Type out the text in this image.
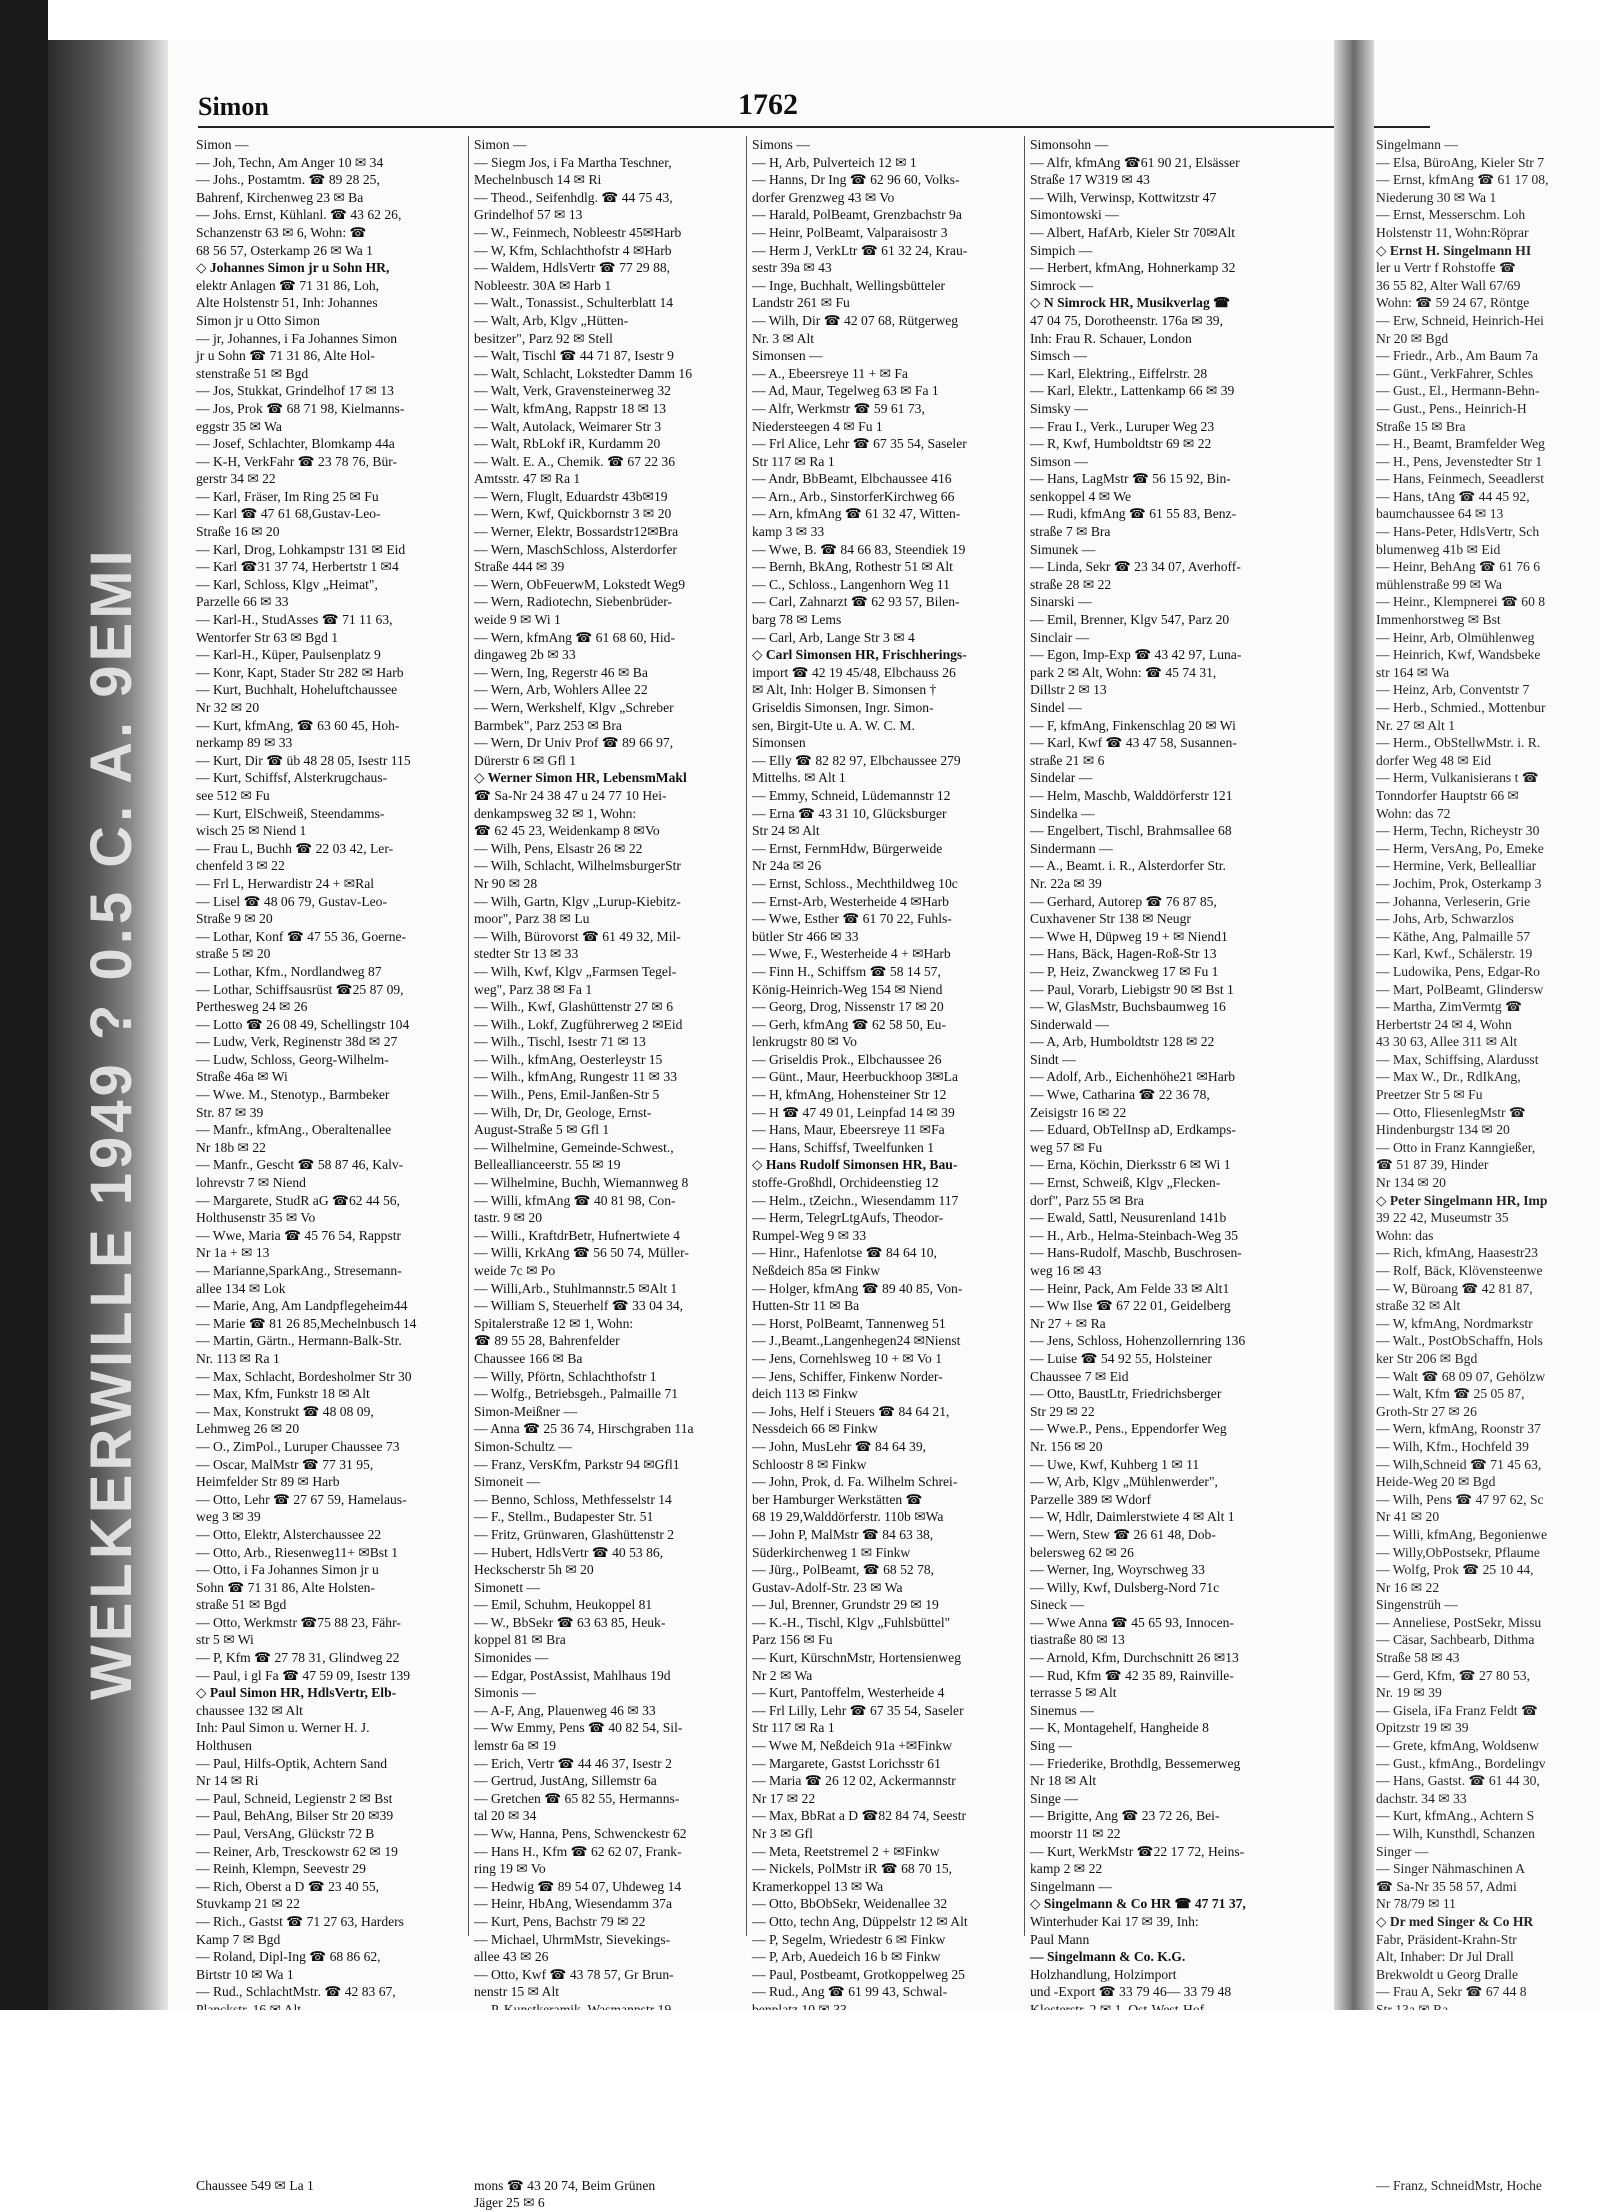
WELKERWILLE 1949 ? 0.5 C. A. 9EMI
Simon	1762

Simon —

— Joh, Techn, Am Anger 10 ✉ 34

— Johs., Postamtm. ☎ 89 28 25,

Bahrenf, Kirchenweg 23 ✉ Ba

— Johs. Ernst, Kühlanl. ☎ 43 62 26,

Schanzenstr 63 ✉ 6, Wohn: ☎

68 56 57, Osterkamp 26 ✉ Wa 1

◇ Johannes Simon jr u Sohn HR,

elektr Anlagen ☎ 71 31 86, Loh,

Alte Holstenstr 51, Inh: Johannes

Simon jr u Otto Simon

— jr, Johannes, i Fa Johannes Simon

jr u Sohn ☎ 71 31 86, Alte Hol-

stenstraße 51 ✉ Bgd

— Jos, Stukkat, Grindelhof 17 ✉ 13

— Jos, Prok ☎ 68 71 98, Kielmanns-

eggstr 35 ✉ Wa

— Josef, Schlachter, Blomkamp 44a

— K-H, VerkFahr ☎ 23 78 76, Bür-

gerstr 34 ✉ 22

— Karl, Fräser, Im Ring 25 ✉ Fu

— Karl ☎ 47 61 68,Gustav-Leo-

Straße 16 ✉ 20

— Karl, Drog, Lohkampstr 131 ✉ Eid

— Karl ☎31 37 74, Herbertstr 1 ✉4

— Karl, Schloss, Klgv „Heimat",

Parzelle 66 ✉ 33

— Karl-H., StudAsses ☎ 71 11 63,

Wentorfer Str 63 ✉ Bgd 1

— Karl-H., Küper, Paulsenplatz 9

— Konr, Kapt, Stader Str 282 ✉ Harb

— Kurt, Buchhalt, Hoheluftchaussee

Nr 32 ✉ 20

— Kurt, kfmAng, ☎ 63 60 45, Hoh-

nerkamp 89 ✉ 33

— Kurt, Dir ☎ üb 48 28 05, Isestr 115

— Kurt, Schiffsf, Alsterkrugchaus-

see 512 ✉ Fu

— Kurt, ElSchweiß, Steendamms-

wisch 25 ✉ Niend 1

— Frau L, Buchh ☎ 22 03 42, Ler-

chenfeld 3 ✉ 22

— Frl L, Herwardistr 24 + ✉Ral

— Lisel ☎ 48 06 79, Gustav-Leo-

Straße 9 ✉ 20

— Lothar, Konf ☎ 47 55 36, Goerne-

straße 5 ✉ 20

— Lothar, Kfm., Nordlandweg 87

— Lothar, Schiffsausrüst ☎25 87 09,

Perthesweg 24 ✉ 26

— Lotto ☎ 26 08 49, Schellingstr 104

— Ludw, Verk, Reginenstr 38d ✉ 27

— Ludw, Schloss, Georg-Wilhelm-

Straße 46a ✉ Wi

— Wwe. M., Stenotyp., Barmbeker

Str. 87 ✉ 39

— Manfr., kfmAng., Oberaltenallee

Nr 18b ✉ 22

— Manfr., Gescht ☎ 58 87 46, Kalv-

lohrevstr 7 ✉ Niend

— Margarete, StudR aG ☎62 44 56,

Holthusenstr 35 ✉ Vo

— Wwe, Maria ☎ 45 76 54, Rappstr

Nr 1a + ✉ 13

— Marianne,SparkAng., Stresemann-

allee 134 ✉ Lok

— Marie, Ang, Am Landpflegeheim44

— Marie ☎ 81 26 85,Mechelnbusch 14

— Martin, Gärtn., Hermann-Balk-Str.

Nr. 113 ✉ Ra 1

— Max, Schlacht, Bordesholmer Str 30

— Max, Kfm, Funkstr 18 ✉ Alt

— Max, Konstrukt ☎ 48 08 09,

Lehmweg 26 ✉ 20

— O., ZimPol., Luruper Chaussee 73

— Oscar, MalMstr ☎ 77 31 95,

Heimfelder Str 89 ✉ Harb

— Otto, Lehr ☎ 27 67 59, Hamelaus-

weg 3 ✉ 39

— Otto, Elektr, Alsterchaussee 22

— Otto, Arb., Riesenweg11+ ✉Bst 1

— Otto, i Fa Johannes Simon jr u

Sohn ☎ 71 31 86, Alte Holsten-

straße 51 ✉ Bgd

— Otto, Werkmstr ☎75 88 23, Fähr-

str 5 ✉ Wi

— P, Kfm ☎ 27 78 31, Glindweg 22

— Paul, i gl Fa ☎ 47 59 09, Isestr 139

◇ Paul Simon HR, HdlsVertr, Elb-

chaussee 132 ✉ Alt

Inh: Paul Simon u. Werner H. J.

Holthusen

— Paul, Hilfs-Optik, Achtern Sand

Nr 14 ✉ Ri

— Paul, Schneid, Legienstr 2 ✉ Bst

— Paul, BehAng, Bilser Str 20 ✉39

— Paul, VersAng, Glückstr 72 B

— Reiner, Arb, Tresckowstr 62 ✉ 19

— Reinh, Klempn, Seevestr 29

— Rich, Oberst a D ☎ 23 40 55,

Stuvkamp 21 ✉ 22

— Rich., Gastst ☎ 71 27 63, Harders

Kamp 7 ✉ Bgd

— Roland, Dipl-Ing ☎ 68 86 62,

Birtstr 10 ✉ Wa 1

— Rud., SchlachtMstr. ☎ 42 83 67,

Chaussee 549 ✉ La 1

Simon —

— Siegm Jos, i Fa Martha Teschner,

Mechelnbusch 14 ✉ Ri

— Theod., Seifenhdlg. ☎ 44 75 43,

Grindelhof 57 ✉ 13

— W., Feinmech, Nobleestr 45✉Harb

— W, Kfm, Schlachthofstr 4 ✉Harb

— Waldem, HdlsVertr ☎ 77 29 88,

Nobleestr. 30A ✉ Harb 1

— Walt., Tonassist., Schulterblatt 14

— Walt, Arb, Klgv „Hütten-

besitzer", Parz 92 ✉ Stell

— Walt, Tischl ☎ 44 71 87, Isestr 9

— Walt, Schlacht, Lokstedter Damm 16

— Walt, Verk, Gravensteinerweg 32

— Walt, kfmAng, Rappstr 18 ✉ 13

— Walt, Autolack, Weimarer Str 3

— Walt, RbLokf iR, Kurdamm 20

— Walt. E. A., Chemik. ☎ 67 22 36

Amtsstr. 47 ✉ Ra 1

— Wern, Fluglt, Eduardstr 43b✉19

— Wern, Kwf, Quickbornstr 3 ✉ 20

— Werner, Elektr, Bossardstr12✉Bra

— Wern, MaschSchloss, Alsterdorfer

Straße 444 ✉ 39

— Wern, ObFeuerwM, Lokstedt Weg9

— Wern, Radiotechn, Siebenbrüder-

weide 9 ✉ Wi 1

— Wern, kfmAng ☎ 61 68 60, Hid-

dingaweg 2b ✉ 33

— Wern, Ing, Regerstr 46 ✉ Ba

— Wern, Arb, Wohlers Allee 22

— Wern, Werkshelf, Klgv „Schreber

Barmbek", Parz 253 ✉ Bra

— Wern, Dr Univ Prof ☎ 89 66 97,

Dürerstr 6 ✉ Gfl 1

◇ Werner Simon HR, LebensmMakl

☎ Sa-Nr 24 38 47 u 24 77 10 Hei-

denkampsweg 32 ✉ 1, Wohn:

☎ 62 45 23, Weidenkamp 8 ✉Vo

— Wilh, Pens, Elsastr 26 ✉ 22

— Wilh, Schlacht, WilhelmsburgerStr

Nr 90 ✉ 28

— Wilh, Gartn, Klgv „Lurup-Kiebitz-

moor", Parz 38 ✉ Lu

— Wilh, Bürovorst ☎ 61 49 32, Mil-

stedter Str 13 ✉ 33

— Wilh, Kwf, Klgv „Farmsen Tegel-

weg", Parz 38 ✉ Fa 1

— Wilh., Kwf, Glashüttenstr 27 ✉ 6

— Wilh., Lokf, Zugführerweg 2 ✉Eid

— Wilh., Tischl, Isestr 71 ✉ 13

— Wilh., kfmAng, Oesterleystr 15

— Wilh., kfmAng, Rungestr 11 ✉ 33

— Wilh., Pens, Emil-Janßen-Str 5

— Wilh, Dr, Dr, Geologe, Ernst-

August-Straße 5 ✉ Gfl 1

— Wilhelmine, Gemeinde-Schwest.,

Belleallianceerstr. 55 ✉ 19

— Wilhelmine, Buchh, Wiemannweg 8

— Willi, kfmAng ☎ 40 81 98, Con-

tastr. 9 ✉ 20

— Willi., KraftdrBetr, Hufnertwiete 4

— Willi, KrkAng ☎ 56 50 74, Müller-

weide 7c ✉ Po

— Willi,Arb., Stuhlmannstr.5 ✉Alt 1

— William S, Steuerhelf ☎ 33 04 34,

Spitalerstraße 12 ✉ 1, Wohn:

☎ 89 55 28, Bahrenfelder

Chaussee 166 ✉ Ba

— Willy, Pförtn, Schlachthofstr 1

— Wolfg., Betriebsgeh., Palmaille 71

Simon-Meißner —

— Anna ☎ 25 36 74, Hirschgraben 11a

Simon-Schultz —

— Franz, VersKfm, Parkstr 94 ✉Gfl1

Simoneit —

— Benno, Schloss, Methfesselstr 14

— F., Stellm., Budapester Str. 51

— Fritz, Grünwaren, Glashüttenstr 2

— Hubert, HdlsVertr ☎ 40 53 86,

Heckscherstr 5h ✉ 20

Simonett —

— Emil, Schuhm, Heukoppel 81

— W., BbSekr ☎ 63 63 85, Heuk-

koppel 81 ✉ Bra

Simonides —

— Edgar, PostAssist, Mahlhaus 19d

Simonis —

— A-F, Ang, Plauenweg 46 ✉ 33

— Ww Emmy, Pens ☎ 40 82 54, Sil-

lemstr 6a ✉ 19

— Erich, Vertr ☎ 44 46 37, Isestr 2

— Gertrud, JustAng, Sillemstr 6a

— Gretchen ☎ 65 82 55, Hermanns-

tal 20 ✉ 34

— Ww, Hanna, Pens, Schwenckestr 62

— Hans H., Kfm ☎ 62 62 07, Frank-

ring 19 ✉ Vo

— Hedwig ☎ 89 54 07, Uhdeweg 14

— Heinr, HbAng, Wiesendamm 37a

— Kurt, Pens, Bachstr 79 ✉ 22

— Michael, UhrmMstr, Sievekings-

allee 43 ✉ 26

— Otto, Kwf ☎ 43 78 57, Gr Brun-

nenstr 15 ✉ Alt

mons ☎ 43 20 74, Beim Grünen

Jäger 25 ✉ 6

Simons —

— H, Arb, Pulverteich 12 ✉ 1

— Hanns, Dr Ing ☎ 62 96 60, Volks-

dorfer Grenzweg 43 ✉ Vo

— Harald, PolBeamt, Grenzbachstr 9a

— Heinr, PolBeamt, Valparaisostr 3

— Herm J, VerkLtr ☎ 61 32 24, Krau-

sestr 39a ✉ 43

— Inge, Buchhalt, Wellingsbütteler

Landstr 261 ✉ Fu

— Wilh, Dir ☎ 42 07 68, Rütgerweg

Nr. 3 ✉ Alt

Simonsen —

— A., Ebeersreye 11 + ✉ Fa

— Ad, Maur, Tegelweg 63 ✉ Fa 1

— Alfr, Werkmstr ☎ 59 61 73,

Niedersteegen 4 ✉ Fu 1

— Frl Alice, Lehr ☎ 67 35 54, Saseler

Str 117 ✉ Ra 1

— Andr, BbBeamt, Elbchaussee 416

— Arn., Arb., SinstorferKirchweg 66

— Arn, kfmAng ☎ 61 32 47, Witten-

kamp 3 ✉ 33

— Wwe, B. ☎ 84 66 83, Steendiek 19

— Bernh, BkAng, Rothestr 51 ✉ Alt

— C., Schloss., Langenhorn Weg 11

— Carl, Zahnarzt ☎ 62 93 57, Bilen-

barg 78 ✉ Lems

— Carl, Arb, Lange Str 3 ✉ 4

◇ Carl Simonsen HR, Frischherings-

import ☎ 42 19 45/48, Elbchauss 26

✉ Alt, Inh: Holger B. Simonsen †

Griseldis Simonsen, Ingr. Simon-

sen, Birgit-Ute u. A. W. C. M.

Simonsen

— Elly ☎ 82 82 97, Elbchaussee 279

Mittelhs. ✉ Alt 1

— Emmy, Schneid, Lüdemannstr 12

— Erna ☎ 43 31 10, Glücksburger

Str 24 ✉ Alt

— Ernst, FernmHdw, Bürgerweide

Nr 24a ✉ 26

— Ernst, Schloss., Mechthildweg 10c

— Ernst-Arb, Westerheide 4 ✉Harb

— Wwe, Esther ☎ 61 70 22, Fuhls-

bütler Str 466 ✉ 33

— Wwe, F., Westerheide 4 + ✉Harb

— Finn H., Schiffsm ☎ 58 14 57,

König-Heinrich-Weg 154 ✉ Niend

— Georg, Drog, Nissenstr 17 ✉ 20

— Gerh, kfmAng ☎ 62 58 50, Eu-

lenkrugstr 80 ✉ Vo

— Griseldis Prok., Elbchaussee 26

— Günt., Maur, Heerbuckhoop 3✉La

— H, kfmAng, Hohensteiner Str 12

— H ☎ 47 49 01, Leinpfad 14 ✉ 39

— Hans, Maur, Ebeersreye 11 ✉Fa

— Hans, Schiffsf, Tweelfunken 1

◇ Hans Rudolf Simonsen HR, Bau-

stoffe-Großhdl, Orchideenstieg 12

— Helm., tZeichn., Wiesendamm 117

— Herm, TelegrLtgAufs, Theodor-

Rumpel-Weg 9 ✉ 33

— Hinr., Hafenlotse ☎ 84 64 10,

Neßdeich 85a ✉ Finkw

— Holger, kfmAng ☎ 89 40 85, Von-

Hutten-Str 11 ✉ Ba

— Horst, PolBeamt, Tannenweg 51

— J.,Beamt.,Langenhegen24 ✉Nienst

— Jens, Cornehlsweg 10 + ✉ Vo 1

— Jens, Schiffer, Finkenw Norder-

deich 113 ✉ Finkw

— Johs, Helf i Steuers ☎ 84 64 21,

Nessdeich 66 ✉ Finkw

— John, MusLehr ☎ 84 64 39,

Schloostr 8 ✉ Finkw

— John, Prok, d. Fa. Wilhelm Schrei-

ber Hamburger Werkstätten ☎

68 19 29,Walddörferstr. 110b ✉Wa

— John P, MalMstr ☎ 84 63 38,

Süderkirchenweg 1 ✉ Finkw

— Jürg., PolBeamt, ☎ 68 52 78,

Gustav-Adolf-Str. 23 ✉ Wa

— Jul, Brenner, Grundstr 29 ✉ 19

— K.-H., Tischl, Klgv „Fuhlsbüttel"

Parz 156 ✉ Fu

— Kurt, KürschnMstr, Hortensienweg

Nr 2 ✉ Wa

— Kurt, Pantoffelm, Westerheide 4

— Frl Lilly, Lehr ☎ 67 35 54, Saseler

Str 117 ✉ Ra 1

— Wwe M, Neßdeich 91a +✉Finkw

— Margarete, Gastst Lorichsstr 61

— Maria ☎ 26 12 02, Ackermannstr

Nr 17 ✉ 22

— Max, BbRat a D ☎82 84 74, Seestr

Nr 3 ✉ Gfl

— Meta, Reetstremel 2 + ✉Finkw

— Nickels, PolMstr iR ☎ 68 70 15,

Kramerkoppel 13 ✉ Wa

— Otto, BbObSekr, Weidenallee 32

— Otto, techn Ang, Düppelstr 12 ✉ Alt

— P, Segelm, Wriedestr 6 ✉ Finkw

— P, Arb, Auedeich 16 b ✉ Finkw

— Paul, Postbeamt, Grotkoppelweg 25

— Rud., Ang ☎ 61 99 43, Schwal-

Simonsohn —

— Alfr, kfmAng ☎61 90 21, Elsässer

Straße 17 W319 ✉ 43

— Wilh, Verwinsp, Kottwitzstr 47

Simontowski —

— Albert, HafArb, Kieler Str 70✉Alt

Simpich —

— Herbert, kfmAng, Hohnerkamp 32

Simrock —

◇ N Simrock HR, Musikverlag ☎

47 04 75, Dorotheenstr. 176a ✉ 39,

Inh: Frau R. Schauer, London

Simsch —

— Karl, Elektring., Eiffelrstr. 28

— Karl, Elektr., Lattenkamp 66 ✉ 39

Simsky —

— Frau I., Verk., Luruper Weg 23

— R, Kwf, Humboldtstr 69 ✉ 22

Simson —

— Hans, LagMstr ☎ 56 15 92, Bin-

senkoppel 4 ✉ We

— Rudi, kfmAng ☎ 61 55 83, Benz-

straße 7 ✉ Bra

Simunek —

— Linda, Sekr ☎ 23 34 07, Averhoff-

straße 28 ✉ 22

Sinarski —

— Emil, Brenner, Klgv 547, Parz 20

Sinclair —

— Egon, Imp-Exp ☎ 43 42 97, Luna-

park 2 ✉ Alt, Wohn: ☎ 45 74 31,

Dillstr 2 ✉ 13

Sindel —

— F, kfmAng, Finkenschlag 20 ✉ Wi

— Karl, Kwf ☎ 43 47 58, Susannen-

straße 21 ✉ 6

Sindelar —

— Helm, Maschb, Walddörferstr 121

Sindelka —

— Engelbert, Tischl, Brahmsallee 68

Sindermann —

— A., Beamt. i. R., Alsterdorfer Str.

Nr. 22a ✉ 39

— Gerhard, Autorep ☎ 76 87 85,

Cuxhavener Str 138 ✉ Neugr

— Wwe H, Düpweg 19 + ✉ Niend1

— Hans, Bäck, Hagen-Roß-Str 13

— P, Heiz, Zwanckweg 17 ✉ Fu 1

— Paul, Vorarb, Liebigstr 90 ✉ Bst 1

— W, GlasMstr, Buchsbaumweg 16

Sinderwald —

— A, Arb, Humboldtstr 128 ✉ 22

Sindt —

— Adolf, Arb., Eichenhöhe21 ✉Harb

— Wwe, Catharina ☎ 22 36 78,

Zeisigstr 16 ✉ 22

— Eduard, ObTelInsp aD, Erdkamps-

weg 57 ✉ Fu

— Erna, Köchin, Dierksstr 6 ✉ Wi 1

— Ernst, Schweiß, Klgv „Flecken-

dorf", Parz 55 ✉ Bra

— Ewald, Sattl, Neusurenland 141b

— H., Arb., Helma-Steinbach-Weg 35

— Hans-Rudolf, Maschb, Buschrosen-

weg 16 ✉ 43

— Heinr, Pack, Am Felde 33 ✉ Alt1

— Ww Ilse ☎ 67 22 01, Geidelberg

Nr 27 + ✉ Ra

— Jens, Schloss, Hohenzollernring 136

— Luise ☎ 54 92 55, Holsteiner

Chaussee 7 ✉ Eid

— Otto, BaustLtr, Friedrichsberger

Str 29 ✉ 22

— Wwe.P., Pens., Eppendorfer Weg

Nr. 156 ✉ 20

— Uwe, Kwf, Kuhberg 1 ✉ 11

— W, Arb, Klgv „Mühlenwerder",

Parzelle 389 ✉ Wdorf

— W, Hdlr, Daimlerstwiete 4 ✉ Alt 1

— Wern, Stew ☎ 26 61 48, Dob-

belersweg 62 ✉ 26

— Werner, Ing, Woyrschweg 33

— Willy, Kwf, Dulsberg-Nord 71c

Sineck —

— Wwe Anna ☎ 45 65 93, Innocen-

tiastraße 80 ✉ 13

— Arnold, Kfm, Durchschnitt 26 ✉13

— Rud, Kfm ☎ 42 35 89, Rainville-

terrasse 5 ✉ Alt

Sinemus —

— K, Montagehelf, Hangheide 8

Sing —

— Friederike, Brothdlg, Bessemerweg

Nr 18 ✉ Alt

Singe —

— Brigitte, Ang ☎ 23 72 26, Bei-

moorstr 11 ✉ 22

— Kurt, WerkMstr ☎22 17 72, Heins-

kamp 2 ✉ 22

Singelmann —

◇ Singelmann & Co HR ☎ 47 71 37,

Winterhuder Kai 17 ✉ 39, Inh:

Paul Mann

— Singelmann & Co. K.G.

Holzhandlung, Holzimport

und -Export ☎ 33 79 46— 33 79 48

Singelmann —

— Elsa, BüroAng, Kieler Str 7

— Ernst, kfmAng ☎ 61 17 08,

Niederung 30 ✉ Wa 1

— Ernst, Messerschm. Loh

Holstenstr 11, Wohn:Röprar

◇ Ernst H. Singelmann HI

ler u Vertr f Rohstoffe ☎

36 55 82, Alter Wall 67/69

Wohn: ☎ 59 24 67, Röntge

— Erw, Schneid, Heinrich-Hei

Nr 20 ✉ Bgd

— Friedr., Arb., Am Baum 7a

— Günt., VerkFahrer, Schles

— Gust., El., Hermann-Behn-

— Gust., Pens., Heinrich-H

Straße 15 ✉ Bra

— H., Beamt, Bramfelder Weg

— H., Pens, Jevenstedter Str 1

— Hans, Feinmech, Seeadlerst

— Hans, tAng ☎ 44 45 92,

baumchaussee 64 ✉ 13

— Hans-Peter, HdlsVertr, Sch

blumenweg 41b ✉ Eid

— Heinr, BehAng ☎ 61 76 6

mühlenstraße 99 ✉ Wa

— Heinr., Klempnerei ☎ 60 8

Immenhorstweg ✉ Bst

— Heinr, Arb, Olmühlenweg

— Heinrich, Kwf, Wandsbeke

str 164 ✉ Wa

— Heinz, Arb, Conventstr 7

— Herb., Schmied., Mottenbur

Nr. 27 ✉ Alt 1

— Herm., ObStellwMstr. i. R.

dorfer Weg 48 ✉ Eid

— Herm, Vulkanisierans t ☎

Tonndorfer Hauptstr 66 ✉

Wohn: das 72

— Herm, Techn, Richeystr 30

— Herm, VersAng, Po, Emeke

— Hermine, Verk, Bellealliar

— Jochim, Prok, Osterkamp 3

— Johanna, Verleserin, Grie

— Johs, Arb, Schwarzlos

— Käthe, Ang, Palmaille 57

— Karl, Kwf., Schälerstr. 19

— Ludowika, Pens, Edgar-Ro

— Mart, PolBeamt, Glindersw

— Martha, ZimVermtg ☎

Herbertstr 24 ✉ 4, Wohn

43 30 63, Allee 311 ✉ Alt

— Max, Schiffsing, Alardusst

— Max W., Dr., RdIkAng,

Preetzer Str 5 ✉ Fu

— Otto, FliesenlegMstr ☎

Hindenburgstr 134 ✉ 20

— Otto in Franz Kanngießer,

☎ 51 87 39, Hinder

Nr 134 ✉ 20

◇ Peter Singelmann HR, Imp

39 22 42, Museumstr 35

Wohn: das

— Rich, kfmAng, Haasestr23

— Rolf, Bäck, Klövensteenwe

— W, Büroang ☎ 42 81 87,

straße 32 ✉ Alt

— W, kfmAng, Nordmarkstr

— Walt., PostObSchaffn, Hols

ker Str 206 ✉ Bgd

— Walt ☎ 68 09 07, Gehölzw

— Walt, Kfm ☎ 25 05 87,

Groth-Str 27 ✉ 26

— Wern, kfmAng, Roonstr 37

— Wilh, Kfm., Hochfeld 39

— Wilh,Schneid ☎ 71 45 63,

Heide-Weg 20 ✉ Bgd

— Wilh, Pens ☎ 47 97 62, Sc

Nr 41 ✉ 20

— Willi, kfmAng, Begonienwe

— Willy,ObPostsekr, Pflaume

— Wolfg, Prok ☎ 25 10 44,

Nr 16 ✉ 22

Singenstrüh —

— Anneliese, PostSekr, Missu

— Cäsar, Sachbearb, Dithma

Straße 58 ✉ 43

— Gerd, Kfm, ☎ 27 80 53,

Nr. 19 ✉ 39

— Gisela, iFa Franz Feldt ☎

Opitzstr 19 ✉ 39

— Grete, kfmAng, Woldsenw

— Gust., kfmAng., Bordelingv

— Hans, Gastst. ☎ 61 44 30,

dachstr. 34 ✉ 33

— Kurt, kfmAng., Achtern S

— Wilh, Kunsthdl, Schanzen

Singer —

— Singer Nähmaschinen A

☎ Sa-Nr 35 58 57, Admi

Nr 78/79 ✉ 11

◇ Dr med Singer & Co HR

Fabr, Präsident-Krahn-Str

Alt, Inhaber: Dr Jul Drall

Brekwoldt u Georg Dralle

— Frau A, Sekr ☎ 67 44 8

— Franz, SchneidMstr, Hoche
